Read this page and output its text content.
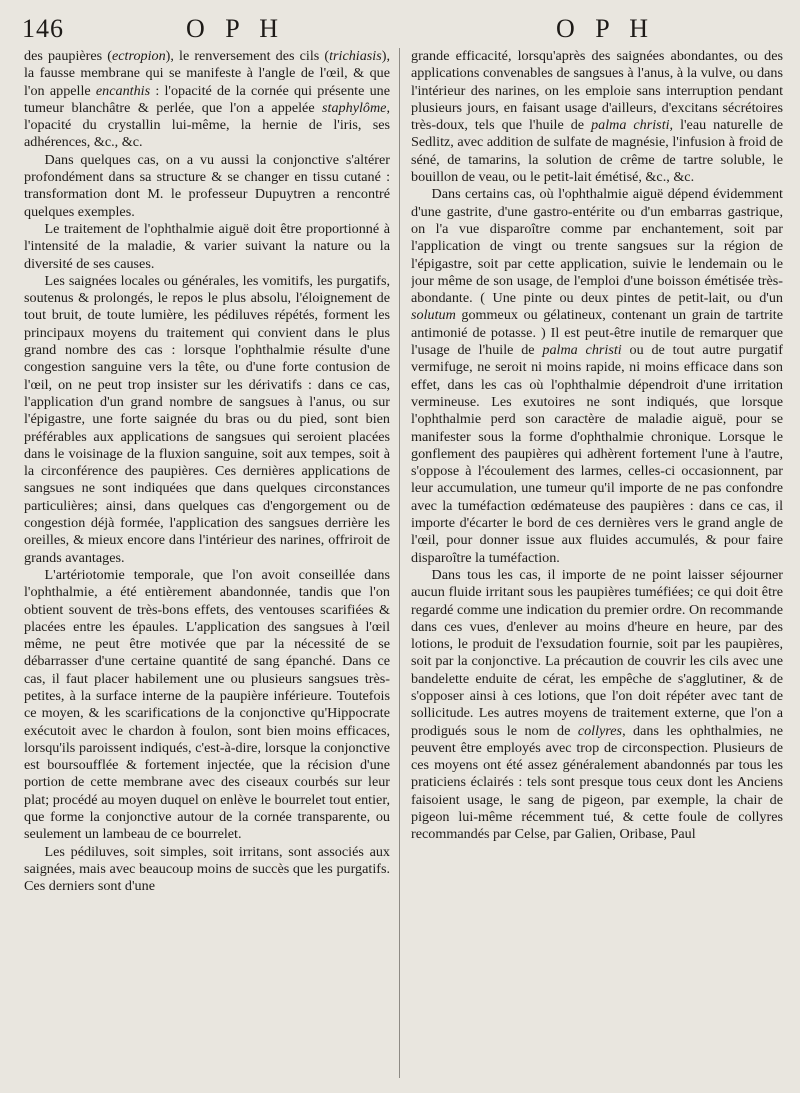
146	O P H	O P H

des paupières (ectropion), le renversement des cils (trichiasis), la fausse membrane qui se manifeste à l'angle de l'œil, & que l'on appelle encanthis : l'opacité de la cornée qui présente une tumeur blanchâtre & perlée, que l'on a appelée staphylôme, l'opacité du crystallin lui-même, la hernie de l'iris, ses adhérences, &c., &c.

Dans quelques cas, on a vu aussi la conjonctive s'altérer profondément dans sa structure & se changer en tissu cutané : transformation dont M. le professeur Dupuytren a rencontré quelques exemples.

Le traitement de l'ophthalmie aiguë doit être proportionné à l'intensité de la maladie, & varier suivant la nature ou la diversité de ses causes.

Les saignées locales ou générales, les vomitifs, les purgatifs, soutenus & prolongés, le repos le plus absolu, l'éloignement de tout bruit, de toute lumière, les pédiluves répétés, forment les principaux moyens du traitement qui convient dans le plus grand nombre des cas : lorsque l'ophthalmie résulte d'une congestion sanguine vers la tête, ou d'une forte contusion de l'œil, on ne peut trop insister sur les dérivatifs : dans ce cas, l'application d'un grand nombre de sangsues à l'anus, ou sur l'épigastre, une forte saignée du bras ou du pied, sont bien préférables aux applications de sangsues qui seroient placées dans le voisinage de la fluxion sanguine, soit aux tempes, soit à la circonférence des paupières. Ces dernières applications de sangsues ne sont indiquées que dans quelques circonstances particulières; ainsi, dans quelques cas d'engorgement ou de congestion déjà formée, l'application des sangsues derrière les oreilles, & mieux encore dans l'intérieur des narines, offriroit de grands avantages.

L'artériotomie temporale, que l'on avoit conseillée dans l'ophthalmie, a été entièrement abandonnée, tandis que l'on obtient souvent de très-bons effets, des ventouses scarifiées & placées entre les épaules. L'application des sangsues à l'œil même, ne peut être motivée que par la nécessité de se débarrasser d'une certaine quantité de sang épanché. Dans ce cas, il faut placer habilement une ou plusieurs sangsues très-petites, à la surface interne de la paupière inférieure. Toutefois ce moyen, & les scarifications de la conjonctive qu'Hippocrate exécutoit avec le chardon à foulon, sont bien moins efficaces, lorsqu'ils paroissent indiqués, c'est-à-dire, lorsque la conjonctive est boursoufflée & fortement injectée, que la récision d'une portion de cette membrane avec des ciseaux courbés sur leur plat; procédé au moyen duquel on enlève le bourrelet tout entier, que forme la conjonctive autour de la cornée transparente, ou seulement un lambeau de ce bourrelet.

Les pédiluves, soit simples, soit irritans, sont associés aux saignées, mais avec beaucoup moins de succès que les purgatifs. Ces derniers sont d'une

grande efficacité, lorsqu'après des saignées abondantes, ou des applications convenables de sangsues à l'anus, à la vulve, ou dans l'intérieur des narines, on les emploie sans interruption pendant plusieurs jours, en faisant usage d'ailleurs, d'excitans sécrétoires très-doux, tels que l'huile de palma christi, l'eau naturelle de Sedlitz, avec addition de sulfate de magnésie, l'infusion à froid de séné, de tamarins, la solution de crême de tartre soluble, le bouillon de veau, ou le petit-lait émétisé, &c., &c.

Dans certains cas, où l'ophthalmie aiguë dépend évidemment d'une gastrite, d'une gastro-entérite ou d'un embarras gastrique, on l'a vue disparoître comme par enchantement, soit par l'application de vingt ou trente sangsues sur la région de l'épigastre, soit par cette application, suivie le lendemain ou le jour même de son usage, de l'emploi d'une boisson émétisée très-abondante. ( Une pinte ou deux pintes de petit-lait, ou d'un solutum gommeux ou gélatineux, contenant un grain de tartrite antimonié de potasse. ) Il est peut-être inutile de remarquer que l'usage de l'huile de palma christi ou de tout autre purgatif vermifuge, ne seroit ni moins rapide, ni moins efficace dans son effet, dans les cas où l'ophthalmie dépendroit d'une irritation vermineuse. Les exutoires ne sont indiqués, que lorsque l'ophthalmie perd son caractère de maladie aiguë, pour se manifester sous la forme d'ophthalmie chronique. Lorsque le gonflement des paupières qui adhèrent fortement l'une à l'autre, s'oppose à l'écoulement des larmes, celles-ci occasionnent, par leur accumulation, une tumeur qu'il importe de ne pas confondre avec la tuméfaction œdémateuse des paupières : dans ce cas, il importe d'écarter le bord de ces dernières vers le grand angle de l'œil, pour donner issue aux fluides accumulés, & pour faire disparoître la tuméfaction.

Dans tous les cas, il importe de ne point laisser séjourner aucun fluide irritant sous les paupières tuméfiées; ce qui doit être regardé comme une indication du premier ordre. On recommande dans ces vues, d'enlever au moins d'heure en heure, par des lotions, le produit de l'exsudation fournie, soit par les paupières, soit par la conjonctive. La précaution de couvrir les cils avec une bandelette enduite de cérat, les empêche de s'agglutiner, & de s'opposer ainsi à ces lotions, que l'on doit répéter avec tant de sollicitude. Les autres moyens de traitement externe, que l'on a prodigués sous le nom de collyres, dans les ophthalmies, ne peuvent être employés avec trop de circonspection. Plusieurs de ces moyens ont été assez généralement abandonnés par tous les praticiens éclairés : tels sont presque tous ceux dont les Anciens faisoient usage, le sang de pigeon, par exemple, la chair de pigeon lui-même récemment tué, & cette foule de collyres recommandés par Celse, par Galien, Oribase, Paul
